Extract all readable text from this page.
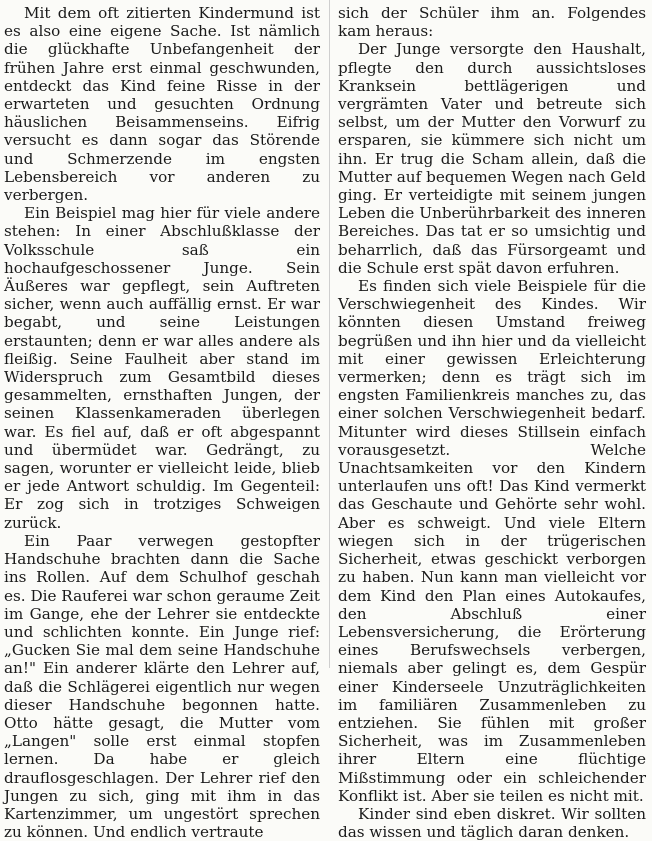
Mit dem oft zitierten Kindermund ist es also eine eigene Sache. Ist nämlich die glückhafte Unbefangenheit der frühen Jahre erst einmal geschwunden, entdeckt das Kind feine Risse in der erwarteten und gesuchten Ordnung häuslichen Beisammenseins. Eifrig versucht es dann sogar das Störende und Schmerzende im engsten Lebensbereich vor anderen zu verbergen.

Ein Beispiel mag hier für viele andere stehen: In einer Abschlußklasse der Volksschule saß ein hochaufgeschossener Junge. Sein Äußeres war gepflegt, sein Auftreten sicher, wenn auch auffällig ernst. Er war begabt, und seine Leistungen erstaunten; denn er war alles andere als fleißig. Seine Faulheit aber stand im Widerspruch zum Gesamtbild dieses gesammelten, ernsthaften Jungen, der seinen Klassenkameraden überlegen war. Es fiel auf, daß er oft abgespannt und übermüdet war. Gedrängt, zu sagen, worunter er vielleicht leide, blieb er jede Antwort schuldig. Im Gegenteil: Er zog sich in trotziges Schweigen zurück.

Ein Paar verwegen gestopfter Handschuhe brachten dann die Sache ins Rollen. Auf dem Schulhof geschah es. Die Rauferei war schon geraume Zeit im Gange, ehe der Lehrer sie entdeckte und schlichten konnte. Ein Junge rief: „Gucken Sie mal dem seine Handschuhe an!" Ein anderer klärte den Lehrer auf, daß die Schlägerei eigentlich nur wegen dieser Handschuhe begonnen hatte. Otto hätte gesagt, die Mutter vom „Langen" solle erst einmal stopfen lernen. Da habe er gleich drauflosgeschlagen. Der Lehrer rief den Jungen zu sich, ging mit ihm in das Kartenzimmer, um ungestört sprechen zu können. Und endlich vertraute

sich der Schüler ihm an. Folgendes kam heraus:

Der Junge versorgte den Haushalt, pflegte den durch aussichtsloses Kranksein bettlägerigen und vergrämten Vater und betreute sich selbst, um der Mutter den Vorwurf zu ersparen, sie kümmere sich nicht um ihn. Er trug die Scham allein, daß die Mutter auf bequemen Wegen nach Geld ging. Er verteidigte mit seinem jungen Leben die Unberührbarkeit des inneren Bereiches. Das tat er so umsichtig und beharrlich, daß das Fürsorgeamt und die Schule erst spät davon erfuhren.

Es finden sich viele Beispiele für die Verschwiegenheit des Kindes. Wir könnten diesen Umstand freiweg begrüßen und ihn hier und da vielleicht mit einer gewissen Erleichterung vermerken; denn es trägt sich im engsten Familienkreis manches zu, das einer solchen Verschwiegenheit bedarf. Mitunter wird dieses Stillsein einfach vorausgesetzt. Welche Unachtsamkeiten vor den Kindern unterlaufen uns oft! Das Kind vermerkt das Geschaute und Gehörte sehr wohl. Aber es schweigt. Und viele Eltern wiegen sich in der trügerischen Sicherheit, etwas geschickt verborgen zu haben. Nun kann man vielleicht vor dem Kind den Plan eines Autokaufes, den Abschluß einer Lebensversicherung, die Erörterung eines Berufswechsels verbergen, niemals aber gelingt es, dem Gespür einer Kinderseele Unzuträglichkeiten im familiären Zusammenleben zu entziehen. Sie fühlen mit großer Sicherheit, was im Zusammenleben ihrer Eltern eine flüchtige Mißstimmung oder ein schleichender Konflikt ist. Aber sie teilen es nicht mit.

Kinder sind eben diskret. Wir sollten das wissen und täglich daran denken.
